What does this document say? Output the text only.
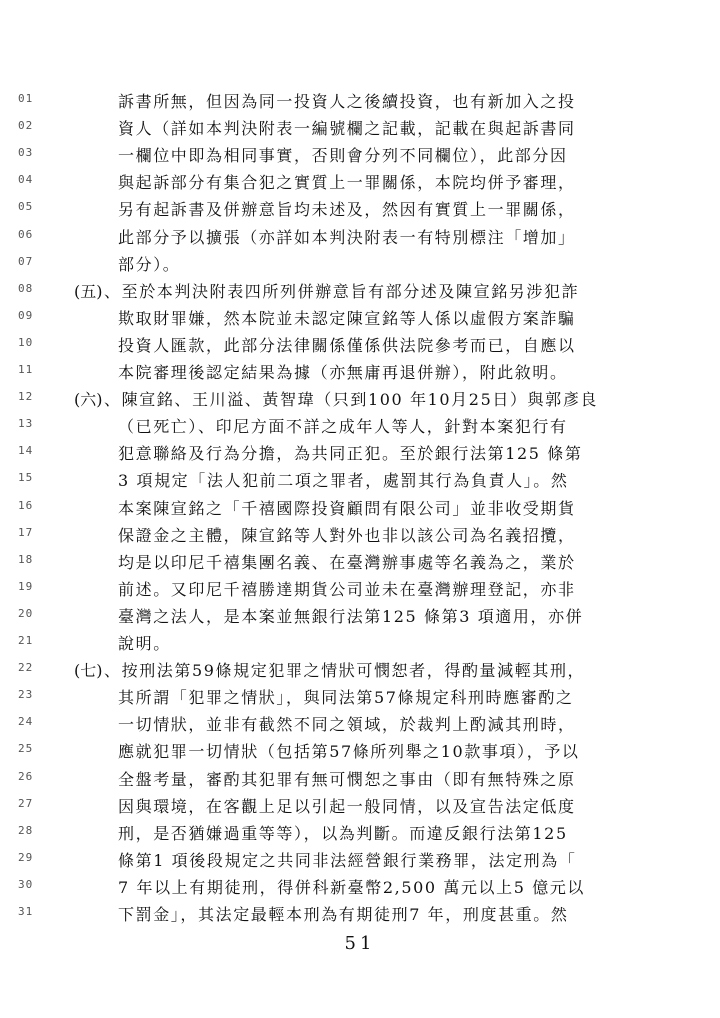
01	訴書所無，但因為同一投資人之後續投資，也有新加入之投
02	資人（詳如本判決附表一編號欄之記載，記載在與起訴書同
03	一欄位中即為相同事實，否則會分列不同欄位），此部分因
04	與起訴部分有集合犯之實質上一罪關係，本院均併予審理，
05	另有起訴書及併辦意旨均未述及，然因有實質上一罪關係，
06	此部分予以擴張（亦詳如本判決附表一有特別標注「增加」
07	部分）。
08	(五) 、至於本判決附表四所列併辦意旨有部分述及陳宣銘另涉犯詐
09	欺取財罪嫌，然本院並未認定陳宣銘等人係以虛假方案詐騙
10	投資人匯款，此部分法律關係僅係供法院參考而已，自應以
11	本院審理後認定結果為據（亦無庸再退併辦），附此敘明。
12	(六) 、陳宣銘、王川溢、黃智瑋（只到100 年10月25日）與郭彥良
13	（已死亡）、印尼方面不詳之成年人等人，針對本案犯行有
14	犯意聯絡及行為分擔，為共同正犯。至於銀行法第125 條第
15	3 項規定「法人犯前二項之罪者，處罰其行為負責人」。然
16	本案陳宣銘之「千禧國際投資顧問有限公司」並非收受期貨
17	保證金之主體，陳宣銘等人對外也非以該公司為名義招攬，
18	均是以印尼千禧集團名義、在臺灣辦事處等名義為之，業於
19	前述。又印尼千禧勝達期貨公司並未在臺灣辦理登記，亦非
20	臺灣之法人，是本案並無銀行法第125 條第3 項適用，亦併
21	說明。
22	(七) 、按刑法第59條規定犯罪之情狀可憫恕者，得酌量減輕其刑，
23	其所謂「犯罪之情狀」，與同法第57條規定科刑時應審酌之
24	一切情狀，並非有截然不同之領域，於裁判上酌減其刑時，
25	應就犯罪一切情狀（包括第57條所列舉之10款事項），予以
26	全盤考量，審酌其犯罪有無可憫恕之事由（即有無特殊之原
27	因與環境，在客觀上足以引起一般同情，以及宣告法定低度
28	刑，是否猶嫌過重等等），以為判斷。而違反銀行法第125
29	條第1 項後段規定之共同非法經營銀行業務罪，法定刑為「
30	7 年以上有期徒刑，得併科新臺幣2,500 萬元以上5 億元以
31	下罰金」，其法定最輕本刑為有期徒刑7 年，刑度甚重。然
51
